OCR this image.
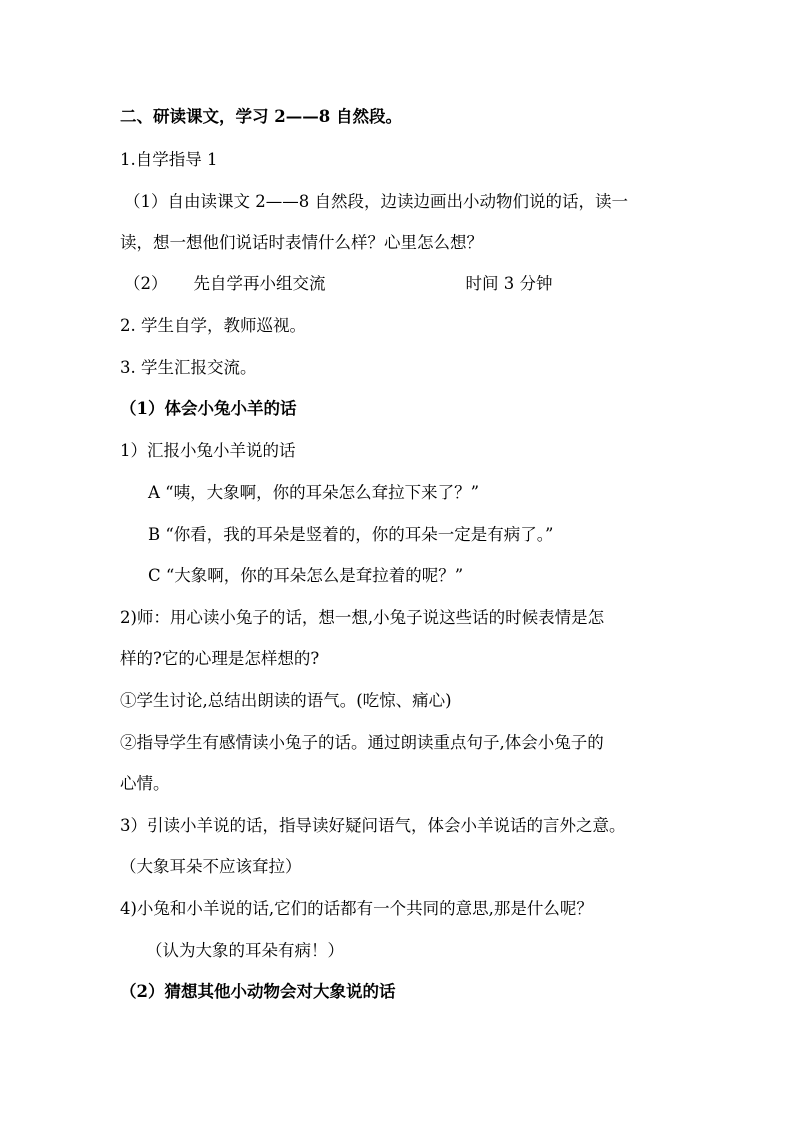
二、研读课文，学习 2——8 自然段。
1.自学指导 1
（1）自由读课文 2——8 自然段，边读边画出小动物们说的话，读一
读，想一想他们说话时表情什么样？心里怎么想？
（2） 先自学再小组交流	时间 3 分钟
2. 学生自学，教师巡视。
3. 学生汇报交流。
（1）体会小兔小羊的话
1）汇报小兔小羊说的话
A “咦，大象啊，你的耳朵怎么耷拉下来了？”
B “你看，我的耳朵是竖着的，你的耳朵一定是有病了。”
C “大象啊，你的耳朵怎么是耷拉着的呢？”
2)师：用心读小兔子的话，想一想,小兔子说这些话的时候表情是怎
样的?它的心理是怎样想的?
①学生讨论,总结出朗读的语气。(吃惊、痛心)
②指导学生有感情读小兔子的话。通过朗读重点句子,体会小兔子的
心情。
3）引读小羊说的话，指导读好疑问语气，体会小羊说话的言外之意。
（大象耳朵不应该耷拉）
4)小兔和小羊说的话,它们的话都有一个共同的意思,那是什么呢？
（认为大象的耳朵有病！）
（2）猜想其他小动物会对大象说的话
